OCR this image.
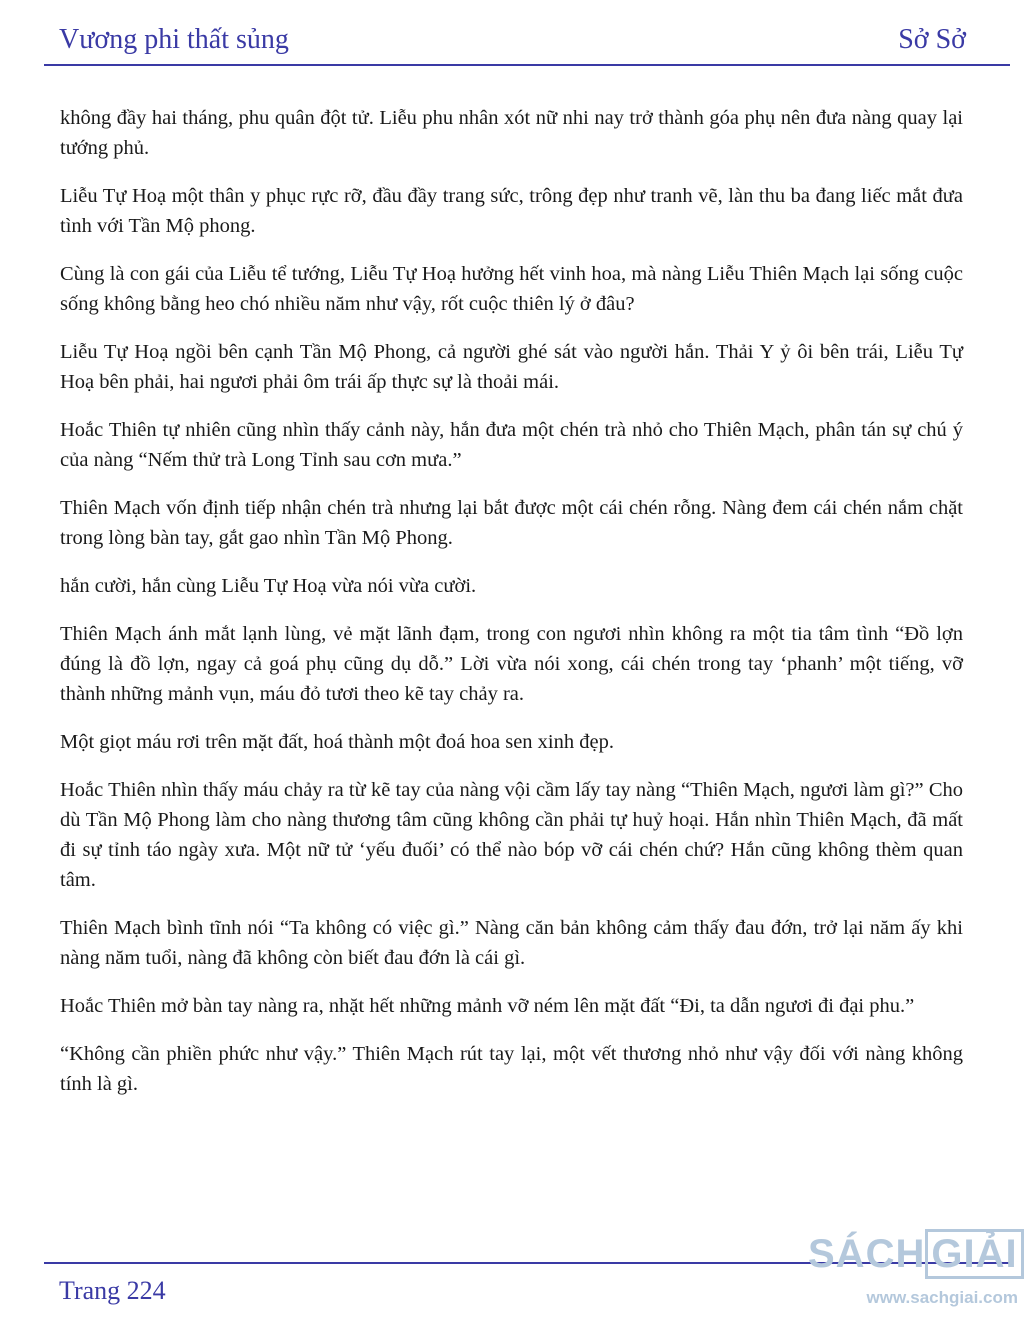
Vương phi thất sủng	Sở Sở

không đầy hai tháng, phu quân đột tử. Liễu phu nhân xót nữ nhi nay trở thành góa phụ nên đưa nàng quay lại tướng phủ.

Liễu Tự Hoạ một thân y phục rực rỡ, đầu đầy trang sức, trông đẹp như tranh vẽ, làn thu ba đang liếc mắt đưa tình với Tần Mộ phong.

Cùng là con gái của Liễu tể tướng, Liễu Tự Hoạ hưởng hết vinh hoa, mà nàng Liễu Thiên Mạch lại sống cuộc sống không bằng heo chó nhiều năm như vậy, rốt cuộc thiên lý ở đâu?

Liễu Tự Hoạ ngồi bên cạnh Tần Mộ Phong, cả người ghé sát vào người hắn. Thải Y ỷ ôi bên trái, Liễu Tự Hoạ bên phải, hai ngươi phải ôm trái ấp thực sự là thoải mái.

Hoắc Thiên tự nhiên cũng nhìn thấy cảnh này, hắn đưa một chén trà nhỏ cho Thiên Mạch, phân tán sự chú ý của nàng “Nếm thử trà Long Tỉnh sau cơn mưa.”

Thiên Mạch vốn định tiếp nhận chén trà nhưng lại bắt được một cái chén rỗng. Nàng đem cái chén nắm chặt trong lòng bàn tay, gắt gao nhìn Tần Mộ Phong.

hắn cười, hắn cùng Liễu Tự Hoạ vừa nói vừa cười.

Thiên Mạch ánh mắt lạnh lùng, vẻ mặt lãnh đạm, trong con ngươi nhìn không ra một tia tâm tình “Đồ lợn đúng là đồ lợn, ngay cả goá phụ cũng dụ dỗ.” Lời vừa nói xong, cái chén trong tay ‘phanh’ một tiếng, vỡ thành những mảnh vụn, máu đỏ tươi theo kẽ tay chảy ra.

Một giọt máu rơi trên mặt đất, hoá thành một đoá hoa sen xinh đẹp.

Hoắc Thiên nhìn thấy máu chảy ra từ kẽ tay của nàng vội cầm lấy tay nàng “Thiên Mạch, ngươi làm gì?” Cho dù Tần Mộ Phong làm cho nàng thương tâm cũng không cần phải tự huỷ hoại. Hắn nhìn Thiên Mạch, đã mất đi sự tỉnh táo ngày xưa. Một nữ tử ‘yếu đuối’ có thể nào bóp vỡ cái chén chứ? Hắn cũng không thèm quan tâm.

Thiên Mạch bình tĩnh nói “Ta không có việc gì.” Nàng căn bản không cảm thấy đau đớn, trở lại năm ấy khi nàng năm tuổi, nàng đã không còn biết đau đớn là cái gì.

Hoắc Thiên mở bàn tay nàng ra, nhặt hết những mảnh vỡ ném lên mặt đất “Đi, ta dẫn ngươi đi đại phu.”

“Không cần phiền phức như vậy.” Thiên Mạch rút tay lại, một vết thương nhỏ như vậy đối với nàng không tính là gì.

Trang 224
SÁCH GIẢI
www.sachgiai.com
